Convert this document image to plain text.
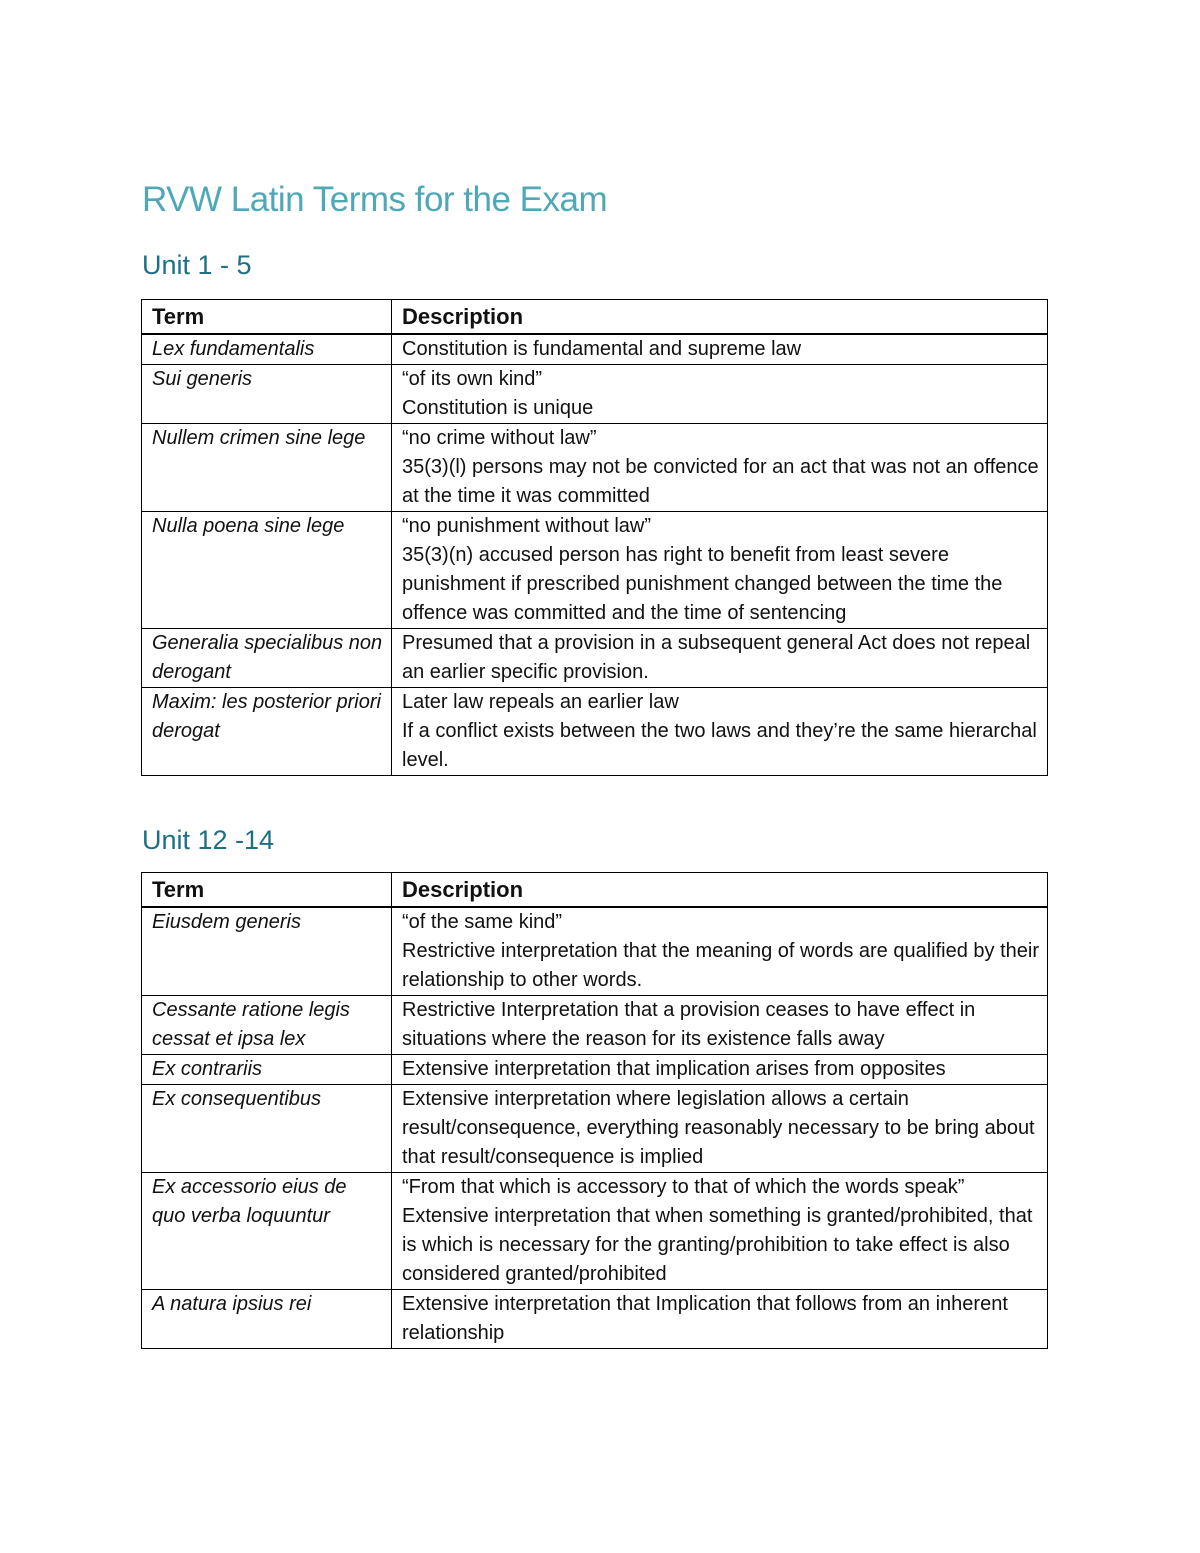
RVW Latin Terms for the Exam
Unit 1 - 5
Term	Description
Lex fundamentalis	Constitution is fundamental and supreme law

Sui generis	“of its own kind”
Constitution is unique

Nullem crimen sine lege	“no crime without law”
35(3)(l) persons may not be convicted for an act that was not an offence at the time it was committed

Nulla poena sine lege	“no punishment without law”
35(3)(n) accused person has right to benefit from least severe punishment if prescribed punishment changed between the time the offence was committed and the time of sentencing

Generalia specialibus non derogant	Presumed that a provision in a subsequent general Act does not repeal an earlier specific provision.

Maxim: les posterior priori derogat	Later law repeals an earlier law
If a conflict exists between the two laws and they’re the same hierarchal level.
Unit 12 -14
Term	Description
Eiusdem generis	“of the same kind”
Restrictive interpretation that the meaning of words are qualified by their relationship to other words.

Cessante ratione legis cessat et ipsa lex	Restrictive Interpretation that a provision ceases to have effect in situations where the reason for its existence falls away

Ex contrariis	Extensive interpretation that implication arises from opposites

Ex consequentibus	Extensive interpretation where legislation allows a certain result/consequence, everything reasonably necessary to be bring about that result/consequence is implied

Ex accessorio eius de quo verba loquuntur	“From that which is accessory to that of which the words speak”
Extensive interpretation that when something is granted/prohibited, that is which is necessary for the granting/prohibition to take effect is also considered granted/prohibited

A natura ipsius rei	Extensive interpretation that Implication that follows from an inherent relationship
